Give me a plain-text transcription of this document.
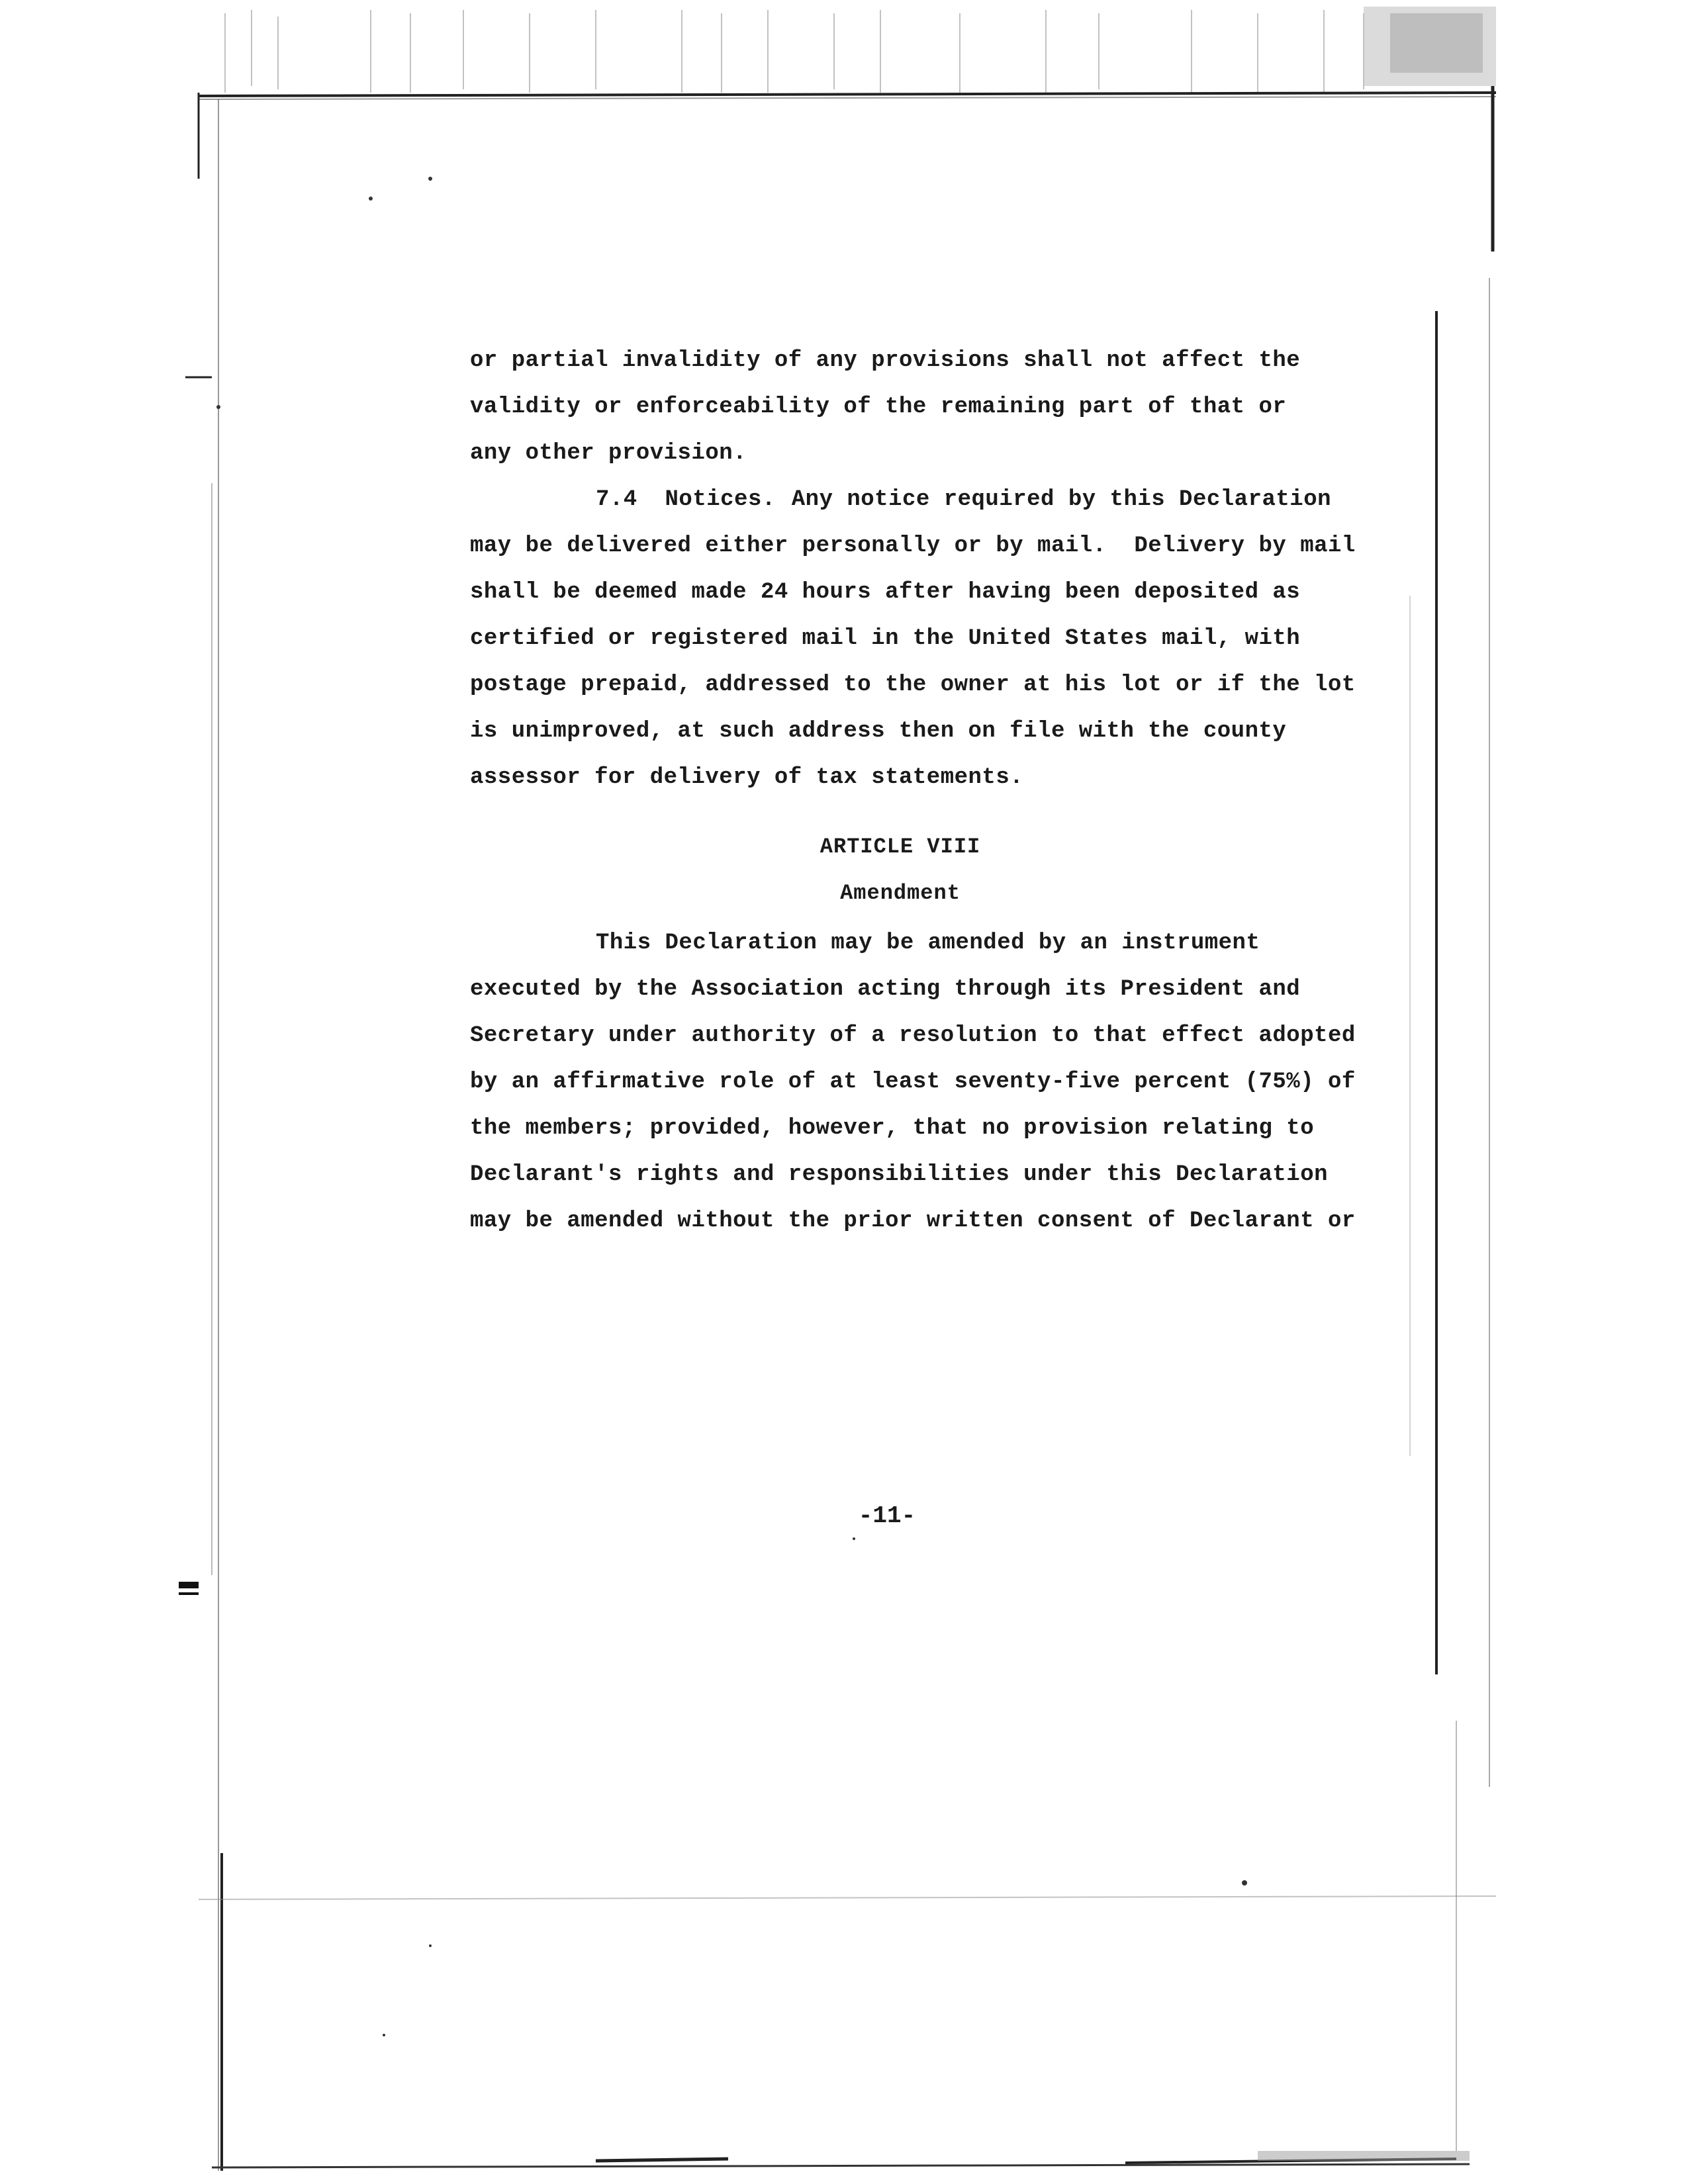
or partial invalidity of any provisions shall not affect the
validity or enforceability of the remaining part of that or
any other provision.
7.4 Notices. Any notice required by this Declaration
may be delivered either personally or by mail.  Delivery by mail
shall be deemed made 24 hours after having been deposited as
certified or registered mail in the United States mail, with
postage prepaid, addressed to the owner at his lot or if the lot
is unimproved, at such address then on file with the county
assessor for delivery of tax statements.
ARTICLE VIII
Amendment
This Declaration may be amended by an instrument
executed by the Association acting through its President and
Secretary under authority of a resolution to that effect adopted
by an affirmative role of at least seventy-five percent (75%) of
the members; provided, however, that no provision relating to
Declarant's rights and responsibilities under this Declaration
may be amended without the prior written consent of Declarant or
-11-
